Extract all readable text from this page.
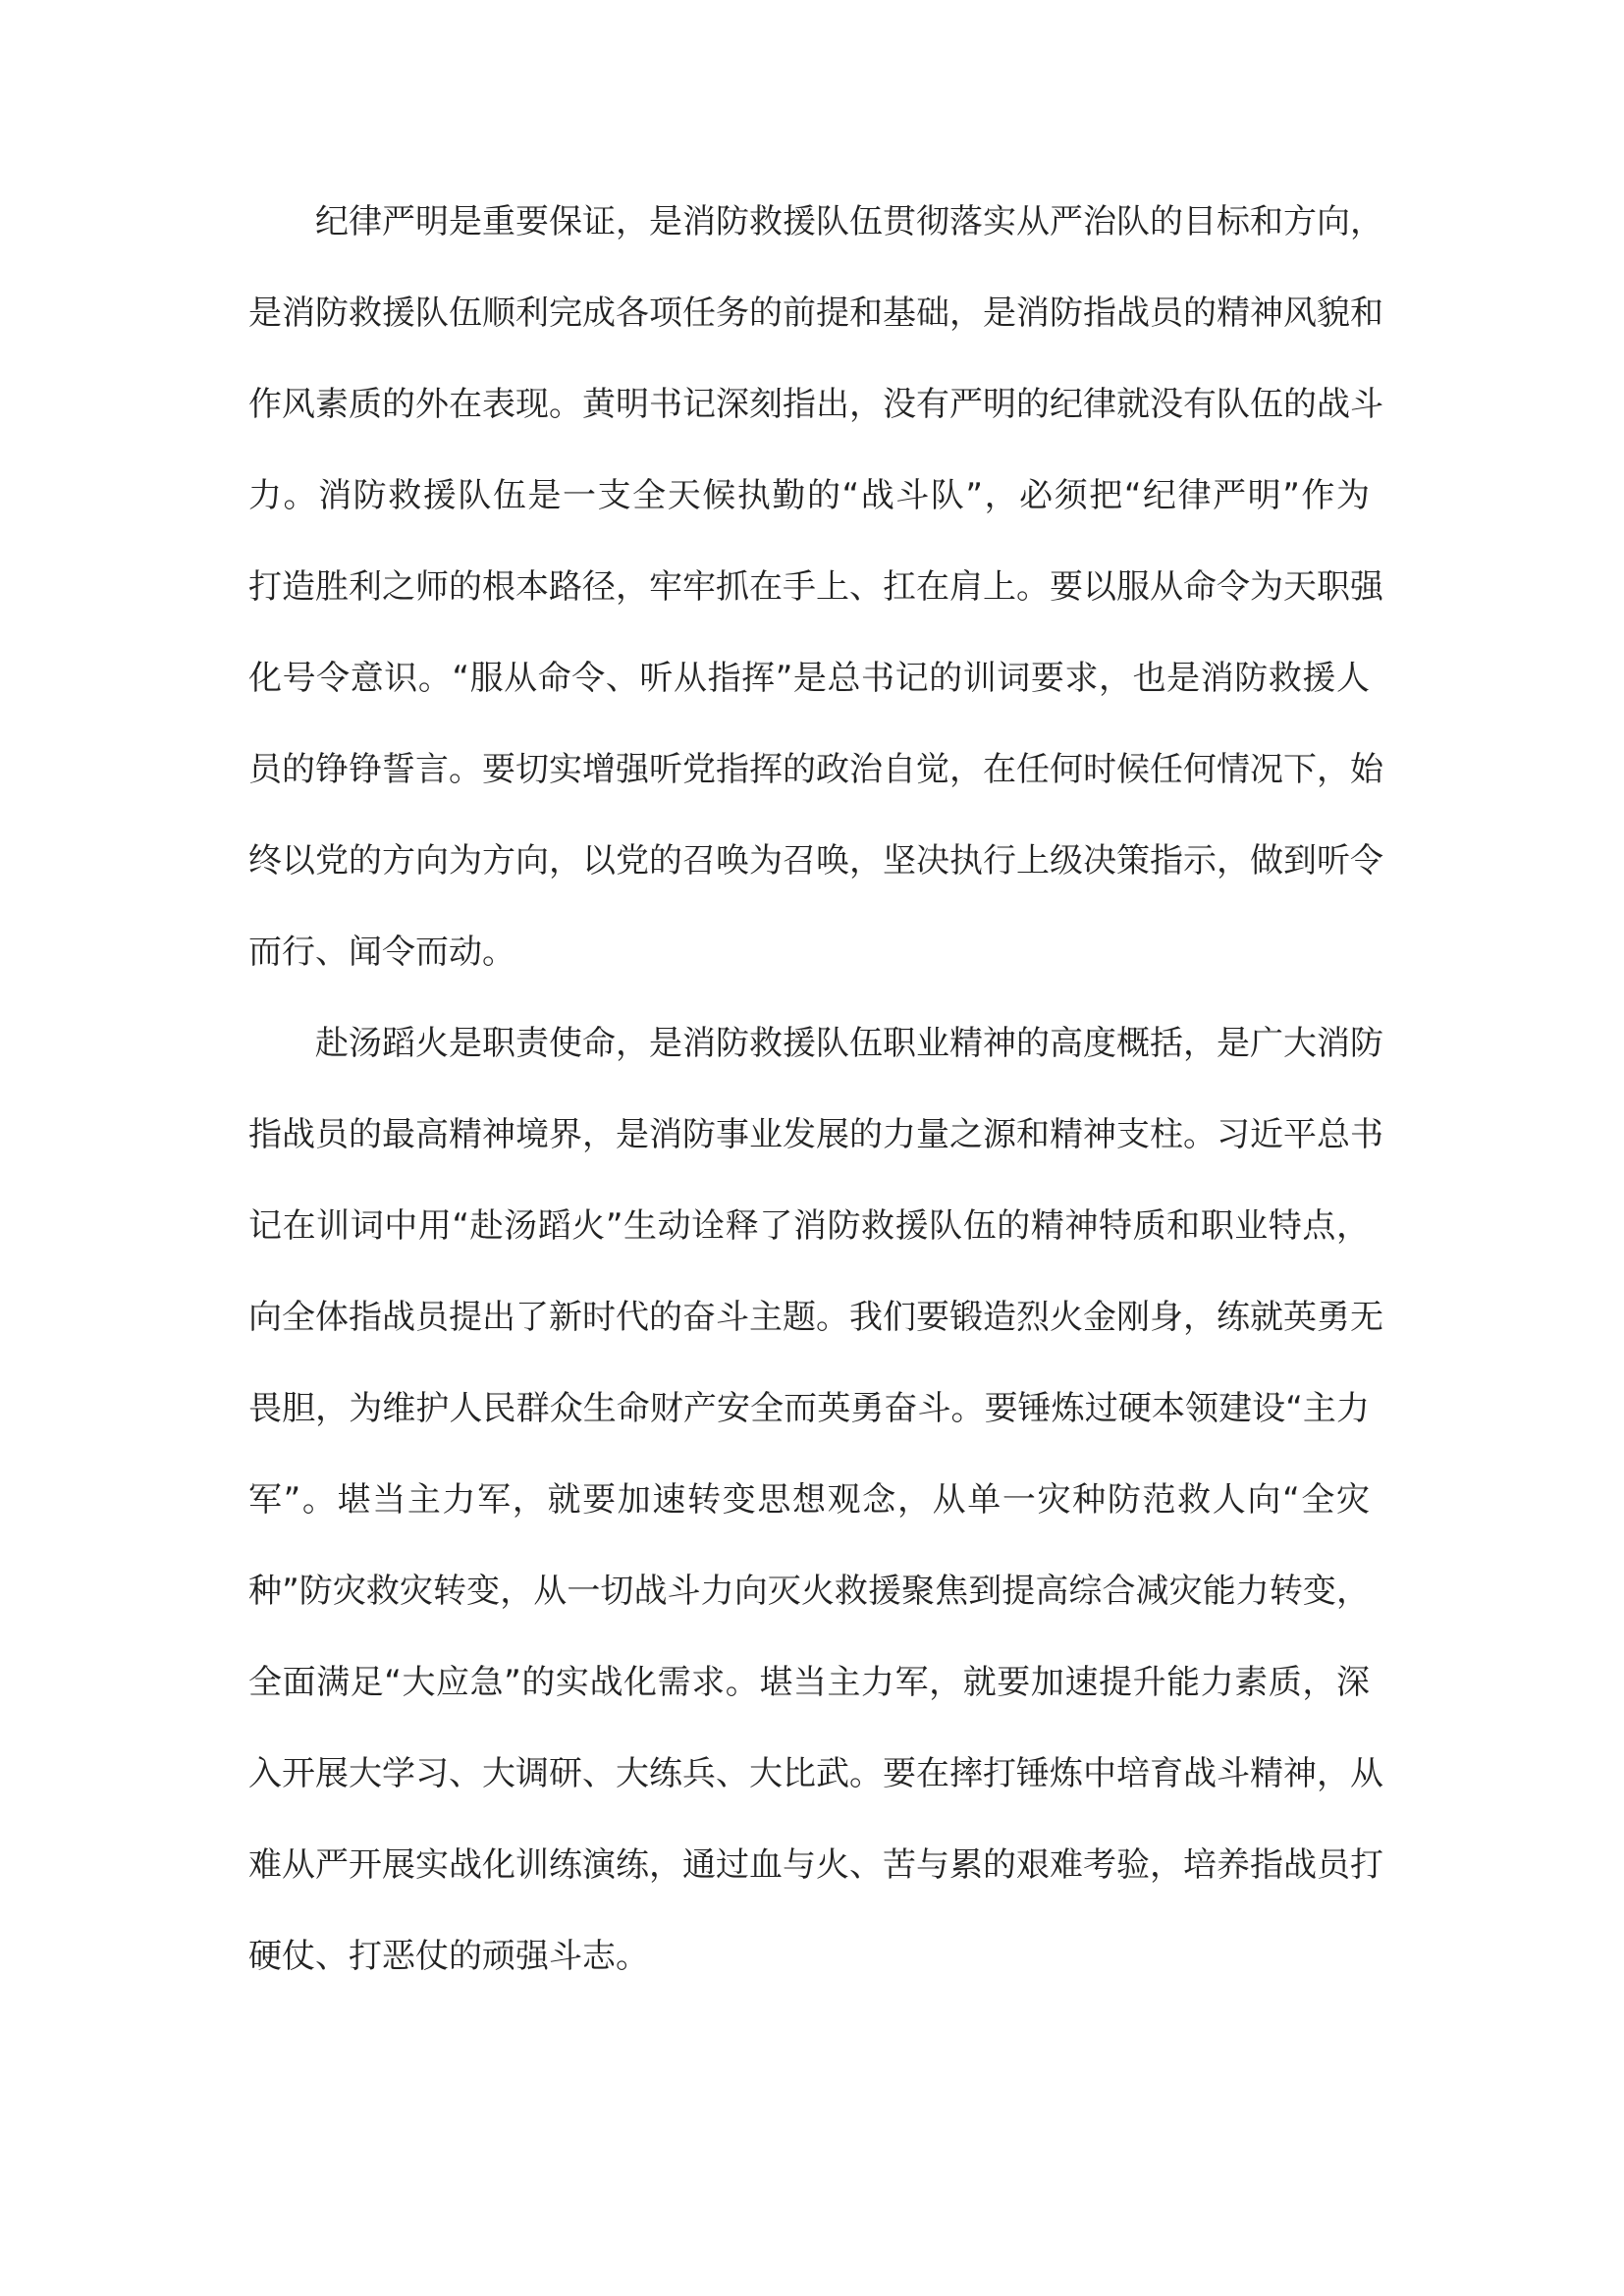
纪律严明是重要保证，是消防救援队伍贯彻落实从严治队的目标和方向，
是消防救援队伍顺利完成各项任务的前提和基础，是消防指战员的精神风貌和
作风素质的外在表现。黄明书记深刻指出，没有严明的纪律就没有队伍的战斗
力。消防救援队伍是一支全天候执勤的“战斗队”，必须把“纪律严明”作为
打造胜利之师的根本路径，牢牢抓在手上、扛在肩上。要以服从命令为天职强
化号令意识。“服从命令、听从指挥”是总书记的训词要求，也是消防救援人
员的铮铮誓言。要切实增强听党指挥的政治自觉，在任何时候任何情况下，始
终以党的方向为方向，以党的召唤为召唤，坚决执行上级决策指示，做到听令
而行、闻令而动。
赴汤蹈火是职责使命，是消防救援队伍职业精神的高度概括，是广大消防
指战员的最高精神境界，是消防事业发展的力量之源和精神支柱。习近平总书
记在训词中用“赴汤蹈火”生动诠释了消防救援队伍的精神特质和职业特点，
向全体指战员提出了新时代的奋斗主题。我们要锻造烈火金刚身，练就英勇无
畏胆，为维护人民群众生命财产安全而英勇奋斗。要锤炼过硬本领建设“主力
军”。堪当主力军，就要加速转变思想观念，从单一灾种防范救人向“全灾
种”防灾救灾转变，从一切战斗力向灭火救援聚焦到提高综合减灾能力转变，
全面满足“大应急”的实战化需求。堪当主力军，就要加速提升能力素质，深
入开展大学习、大调研、大练兵、大比武。要在摔打锤炼中培育战斗精神，从
难从严开展实战化训练演练，通过血与火、苦与累的艰难考验，培养指战员打
硬仗、打恶仗的顽强斗志。
